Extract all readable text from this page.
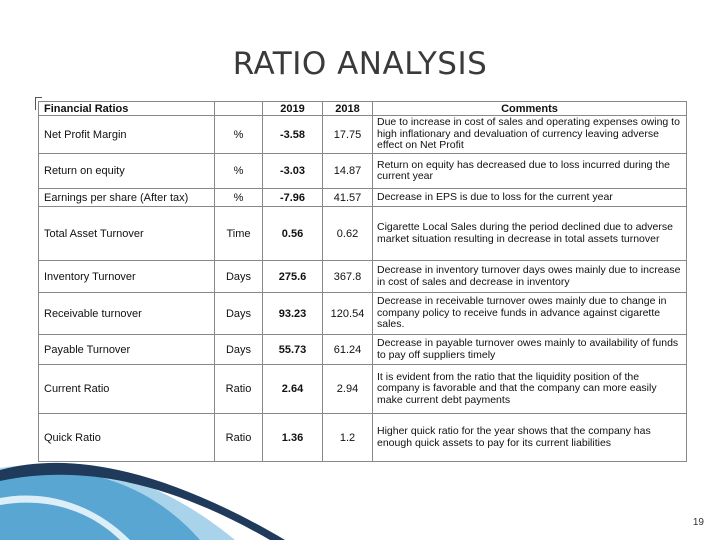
RATIO ANALYSIS
Financial Ratios		2019	2018	Comments
Net Profit Margin	%	-3.58	17.75	Due to increase in cost of sales and operating expenses owing to high inflationary and devaluation of currency leaving adverse effect on Net Profit
Return on equity	%	-3.03	14.87	Return on equity has decreased due to loss incurred during the current year
Earnings per share (After tax)	%	-7.96	41.57	Decrease in EPS is due to loss for the current year
Total Asset Turnover	Time	0.56	0.62	Cigarette Local Sales during the period declined due to adverse market situation resulting in decrease in total assets turnover
Inventory Turnover	Days	275.6	367.8	Decrease in inventory turnover days owes mainly due to increase in cost of sales and decrease in inventory
Receivable turnover	Days	93.23	120.54	Decrease in receivable turnover owes mainly due to change in company policy to receive funds in advance against cigarette sales.
Payable Turnover	Days	55.73	61.24	Decrease in payable turnover owes mainly to availability of funds to pay off suppliers timely
Current Ratio	Ratio	2.64	2.94	It is evident from the ratio that the liquidity position of the company is favorable and that the company can more easily make current debt payments
Quick Ratio	Ratio	1.36	1.2	Higher quick ratio for the year shows that the company has enough quick assets to pay for its current liabilities
19
